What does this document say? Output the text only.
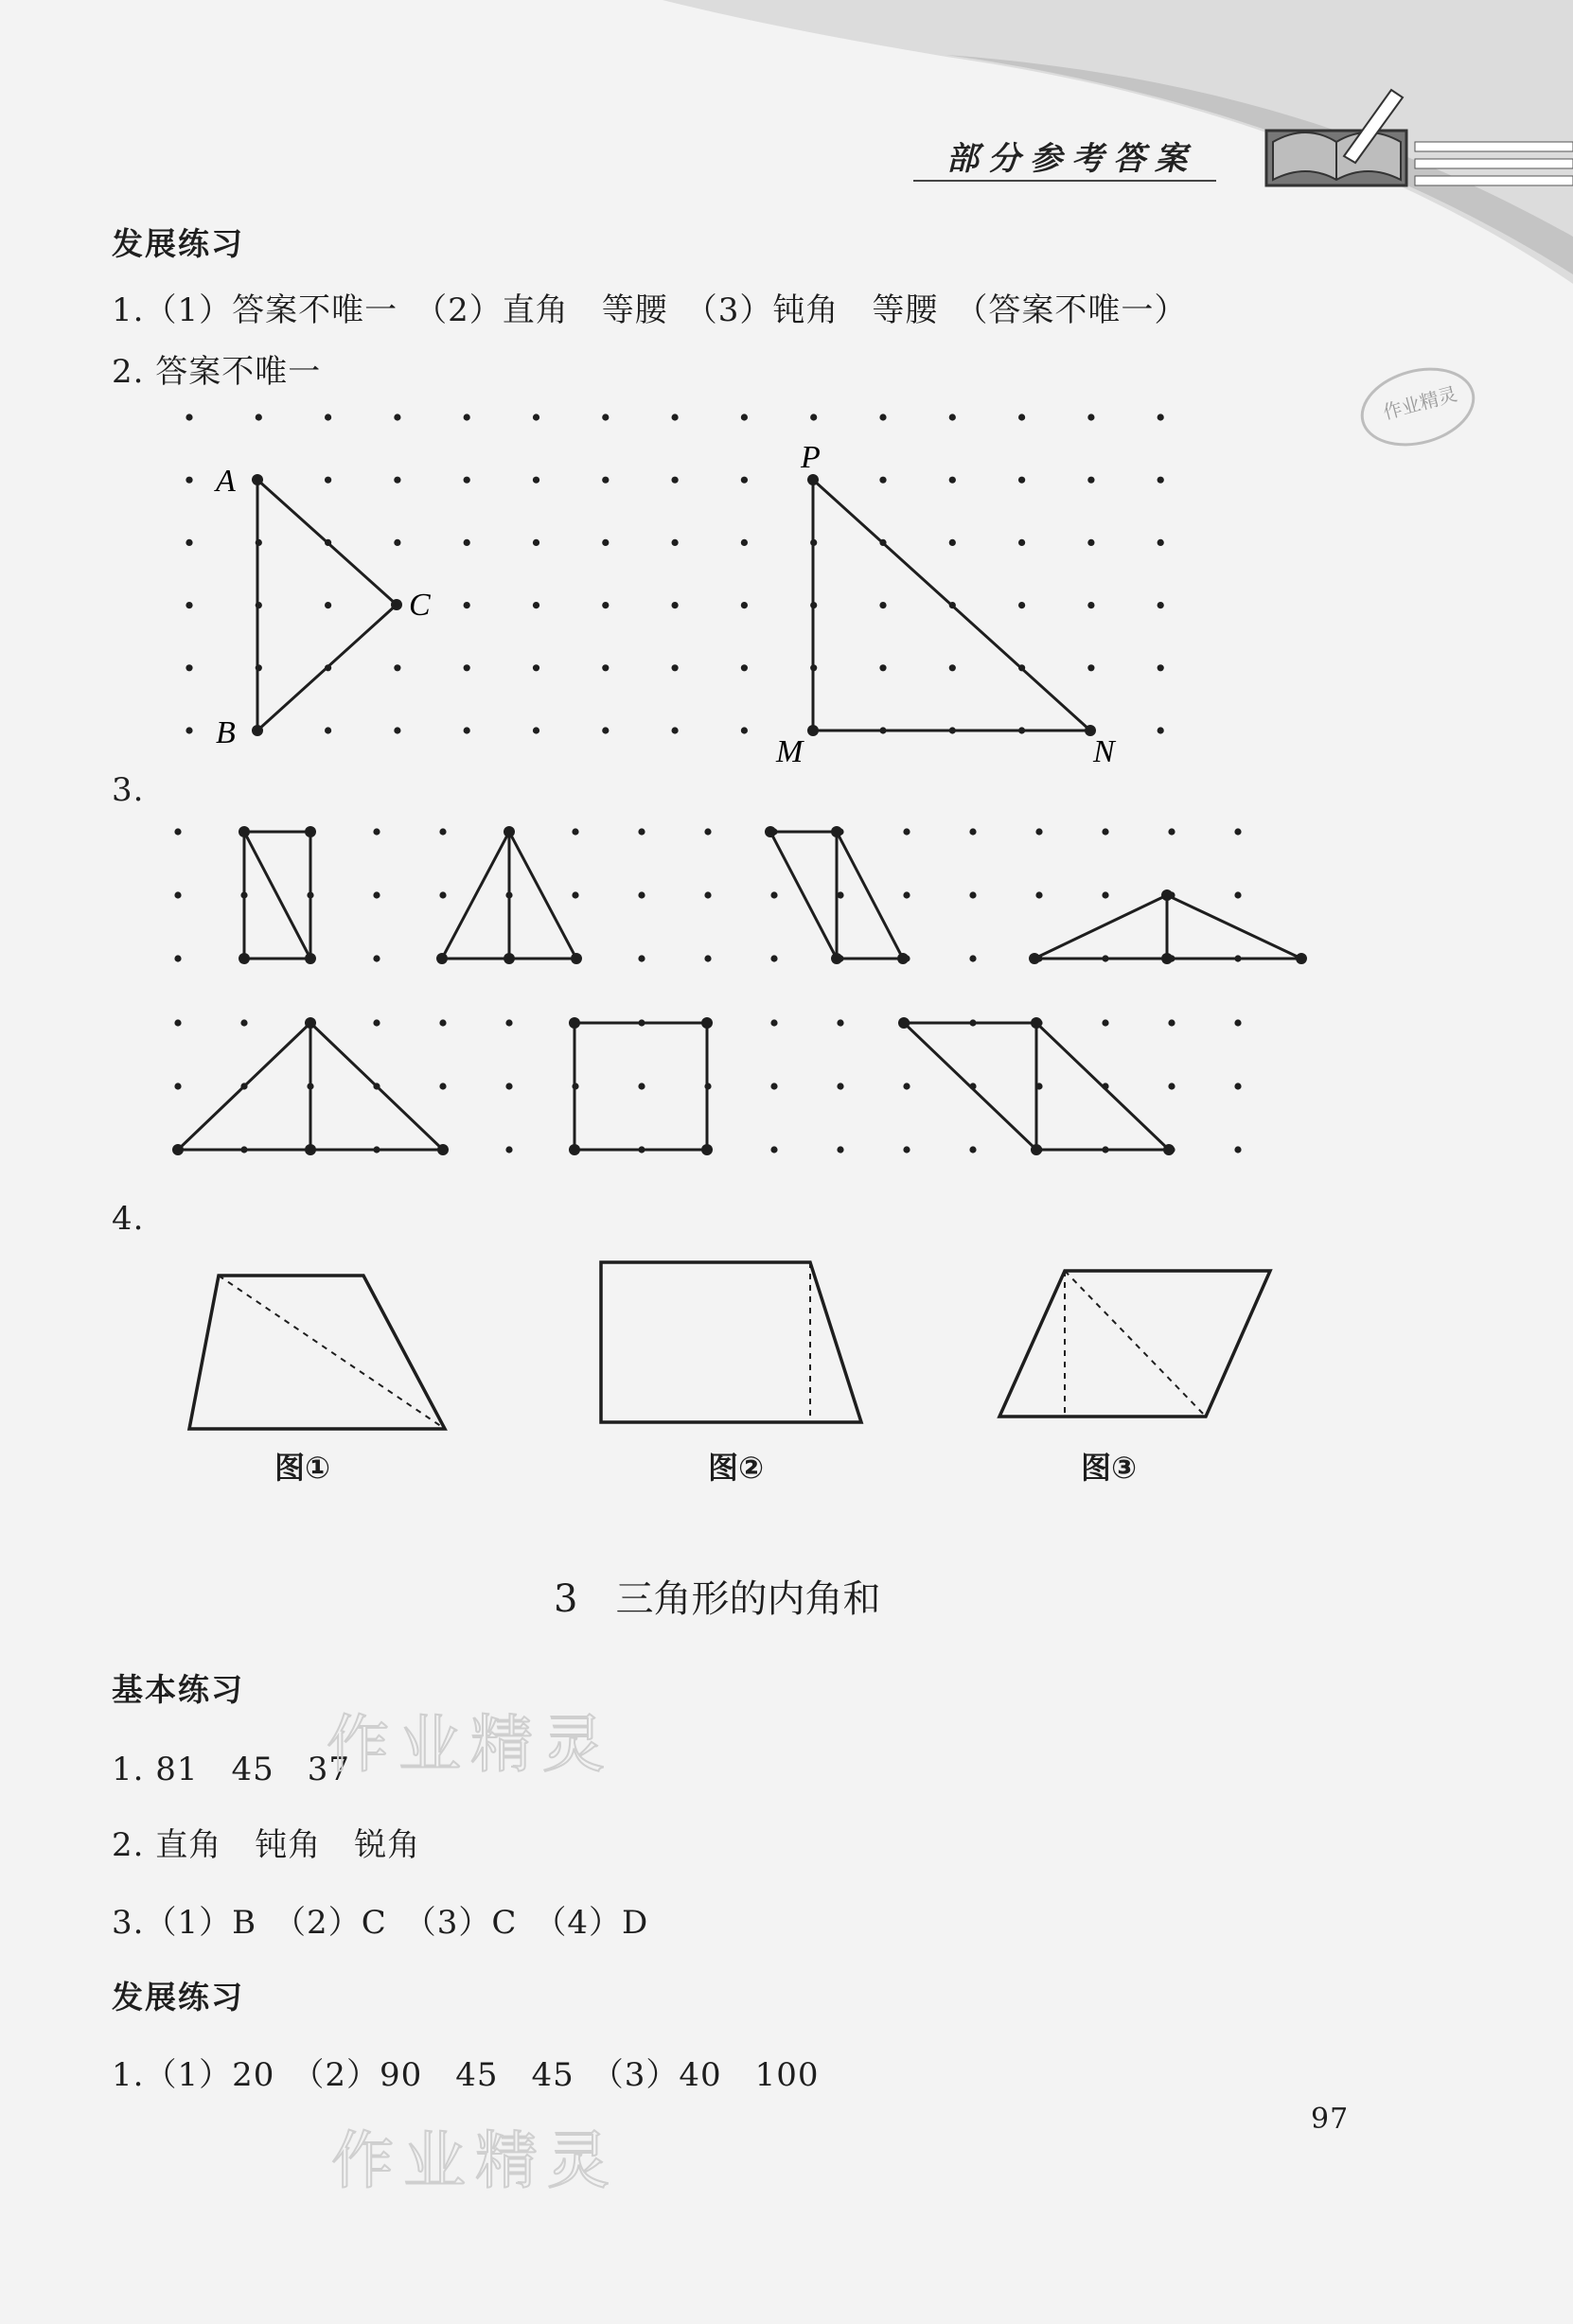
部分参考答案
A
B
C
P
M	N
发展练习
1.（1）答案不唯一　（2）直角　等腰　（3）钝角　等腰　（答案不唯一）
2. 答案不唯一
3.
4.
图①	图②	图③
3　三角形的内角和
基本练习
1. 81　45　37
2. 直角　钝角　锐角
3.（1）B　（2）C　（3）C　（4）D
发展练习
1.（1）20　（2）90　45　45　（3）40　100
97
作业精灵
作业精灵
作业精灵
